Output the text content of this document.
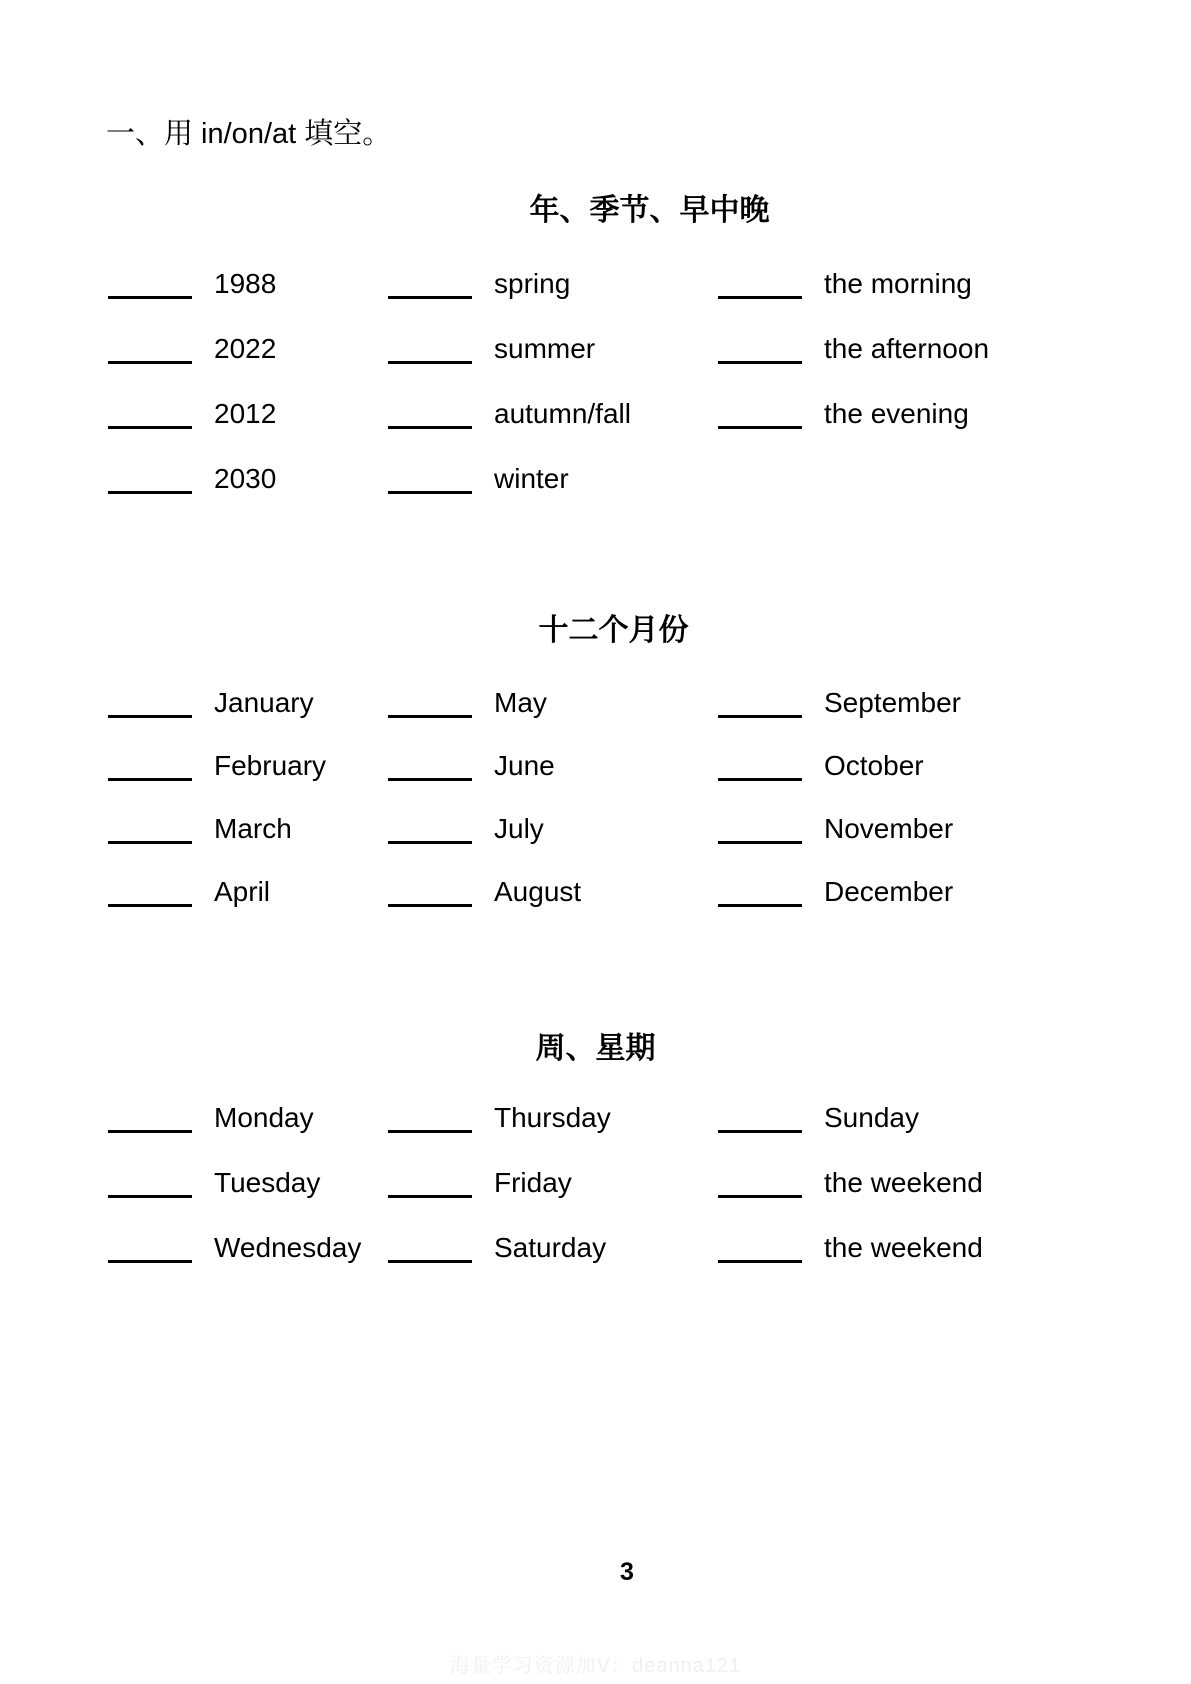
一、用 in/on/at 填空。
年、季节、早中晚
1988	spring	the morning
2022	summer	the afternoon
2012	autumn/fall	the evening
2030	winter
十二个月份
January	May	September
February	June	October
March	July	November
April	August	December
周、星期
Monday	Thursday	Sunday
Tuesday	Friday	the weekend
Wednesday	Saturday	the weekend
3
海量学习资源加V：deanna121
